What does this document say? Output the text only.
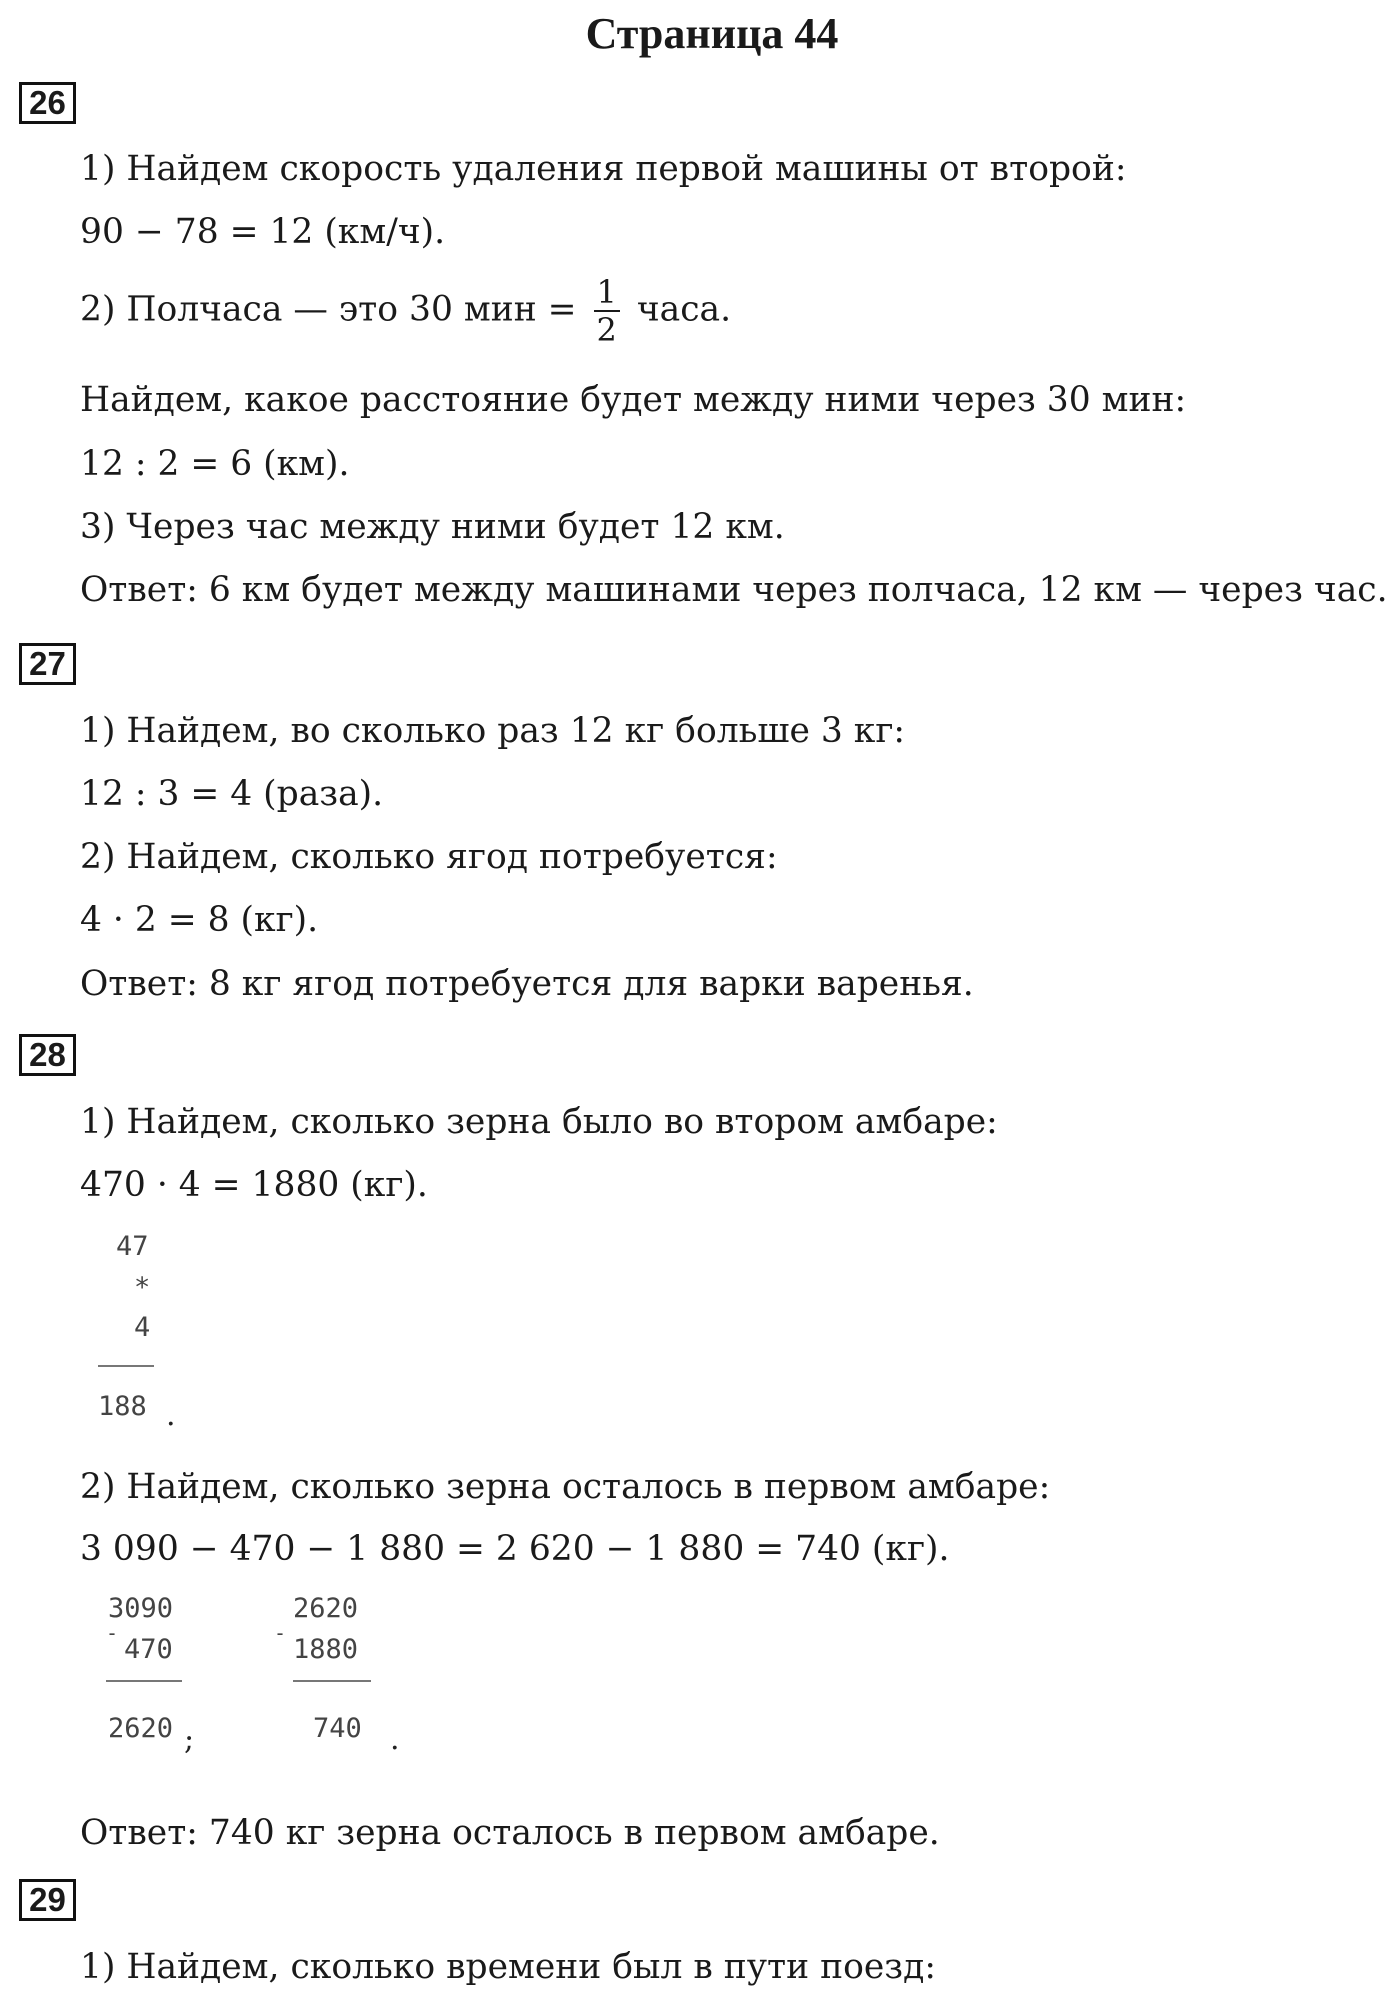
Страница 44
26
1) Найдем скорость удаления первой машины от второй:
90 − 78 = 12 (км/ч).
2) Полчаса — это 30 мин = $\frac{1}{2}$ часа.
Найдем, какое расстояние будет между ними через 30 мин:
12 : 2 = 6 (км).
3) Через час между ними будет 12 км.
Ответ: 6 км будет между машинами через полчаса, 12 км — через час.
27
1) Найдем, во сколько раз 12 кг больше 3 кг:
12 : 3 = 4 (раза).
2) Найдем, сколько ягод потребуется:
4 · 2 = 8 (кг).
Ответ: 8 кг ягод потребуется для варки варенья.
28
1) Найдем, сколько зерна было во втором амбаре:
470 · 4 = 1880 (кг).
47
*
4
188 .
2) Найдем, сколько зерна осталось в первом амбаре:
3 090 − 470 − 1 880 = 2 620 − 1 880 = 740 (кг).
3090
-
470
2620 ;
2620
-
1880
740 .
Ответ: 740 кг зерна осталось в первом амбаре.
29
1) Найдем, сколько времени был в пути поезд:
